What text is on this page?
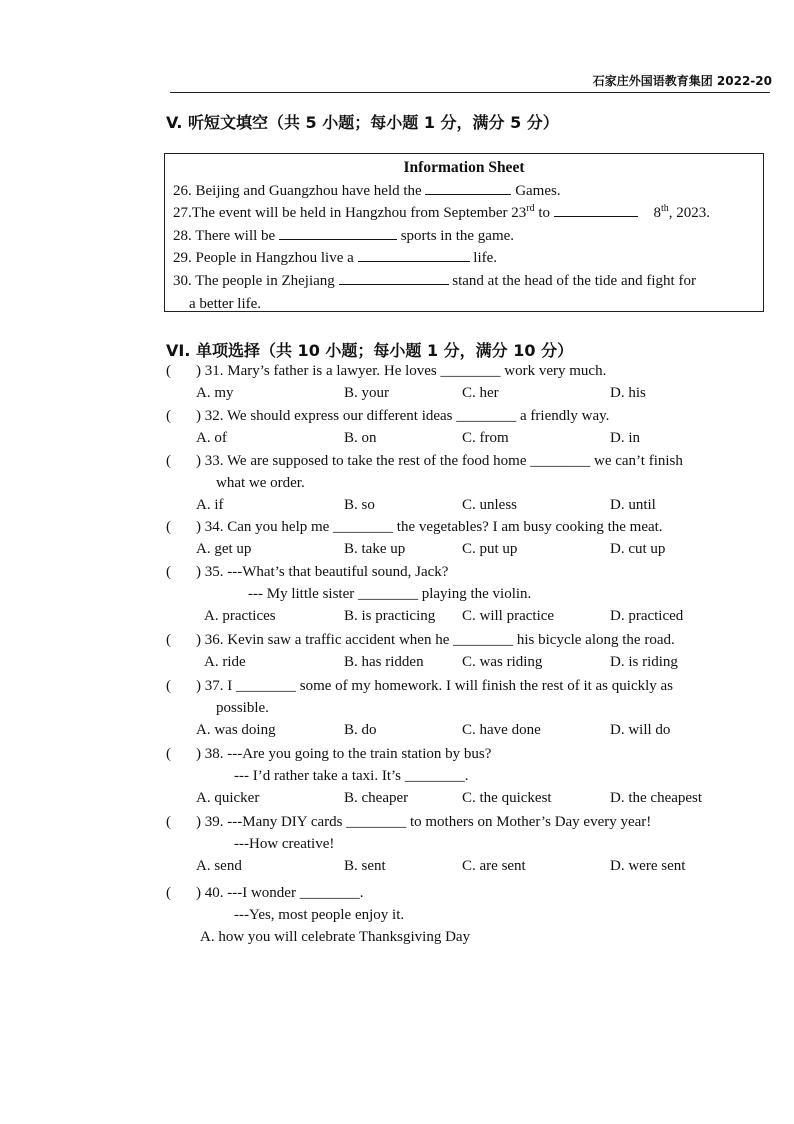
石家庄外国语教育集团 2022-20
V. 听短文填空（共 5 小题；每小题 1 分，满分 5 分）
Information Sheet
26. Beijing and Guangzhou have held the	Games.
27.The event will be held in Hangzhou from September 23rd to	8th, 2023.
28. There will be	sports in the game.
29. People in Hangzhou live a	life.
30. The people in Zhejiang	stand at the head of the tide and fight for
a better life.
VI. 单项选择（共 10 小题；每小题 1 分，满分 10 分）
( ) 31. Mary’s father is a lawyer. He loves ________ work very much.
A. my	B. your	C. her	D. his
( ) 32. We should express our different ideas ________ a friendly way.
A. of	B. on	C. from	D. in
( ) 33. We are supposed to take the rest of the food home ________ we can’t finish
what we order.
A. if	B. so	C. unless	D. until
( ) 34. Can you help me ________ the vegetables? I am busy cooking the meat.
A. get up	B. take up	C. put up	D. cut up
( ) 35. ---What’s that beautiful sound, Jack?
--- My little sister ________ playing the violin.
A. practices	B. is practicing C. will practice	D. practiced
( ) 36. Kevin saw a traffic accident when he ________ his bicycle along the road.
A. ride	B. has ridden	C. was riding	D. is riding
( ) 37. I ________ some of my homework. I will finish the rest of it as quickly as
possible.
A. was doing	B. do	C. have done	D. will do
( ) 38. ---Are you going to the train station by bus?
--- I’d rather take a taxi. It’s ________.
A. quicker	B. cheaper	C. the quickest	D. the cheapest
( ) 39. ---Many DIY cards ________ to mothers on Mother’s Day every year!
---How creative!
A. send	B. sent	C. are sent	D. were sent
( ) 40. ---I wonder ________.
---Yes, most people enjoy it.
A. how you will celebrate Thanksgiving Day
